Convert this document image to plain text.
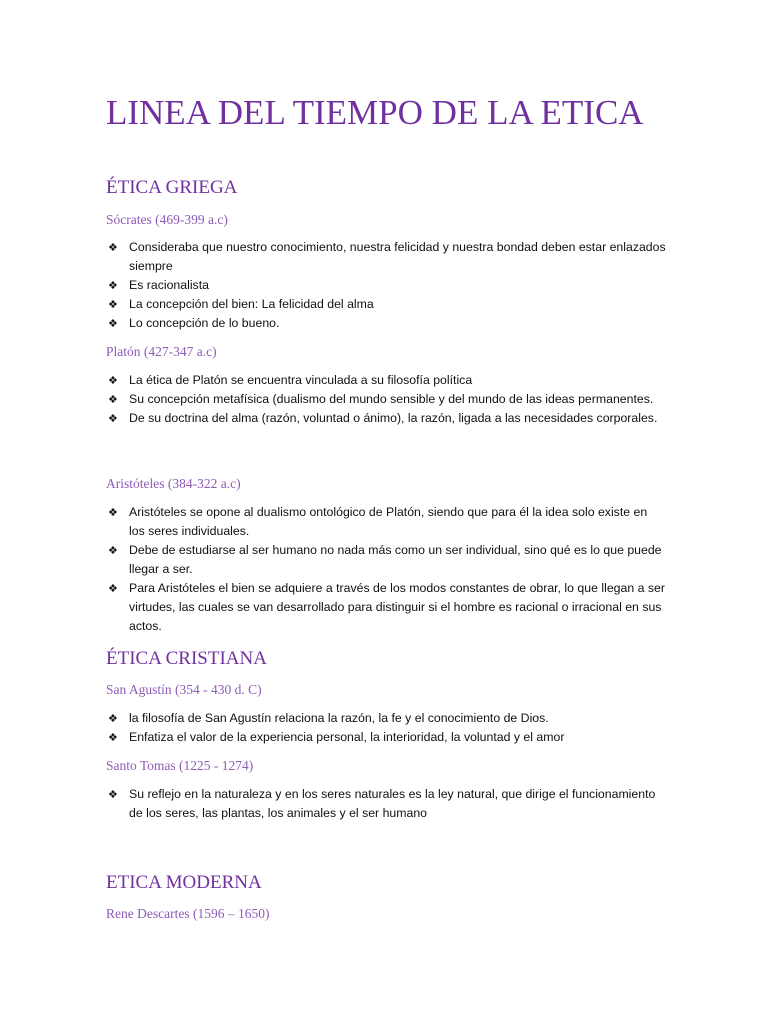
LINEA DEL TIEMPO DE LA ETICA
ÉTICA GRIEGA
Sócrates (469-399 a.c)
❖ Consideraba que nuestro conocimiento, nuestra felicidad y nuestra bondad deben estar enlazados siempre
❖ Es racionalista
❖ La concepción del bien: La felicidad del alma
❖ Lo concepción de lo bueno.
Platón (427-347 a.c)
❖ La ética de Platón se encuentra vinculada a su filosofía política
❖ Su concepción metafísica (dualismo del mundo sensible y del mundo de las ideas permanentes.
❖ De su doctrina del alma (razón, voluntad o ánimo), la razón, ligada a las necesidades corporales.
Aristóteles (384-322 a.c)
❖ Aristóteles se opone al dualismo ontológico de Platón, siendo que para él la idea solo existe en los seres individuales.
❖ Debe de estudiarse al ser humano no nada más como un ser individual, sino qué es lo que puede llegar a ser.
❖ Para Aristóteles el bien se adquiere a través de los modos constantes de obrar, lo que llegan a ser virtudes, las cuales se van desarrollado para distinguir si el hombre es racional o irracional en sus actos.
ÉTICA CRISTIANA
San Agustín (354 - 430 d. C)
❖ la filosofía de San Agustín relaciona la razón, la fe y el conocimiento de Dios.
❖ Enfatiza el valor de la experiencia personal, la interioridad, la voluntad y el amor
Santo Tomas (1225 - 1274)
❖ Su reflejo en la naturaleza y en los seres naturales es la ley natural, que dirige el funcionamiento de los seres, las plantas, los animales y el ser humano
ETICA MODERNA
Rene Descartes (1596 – 1650)
